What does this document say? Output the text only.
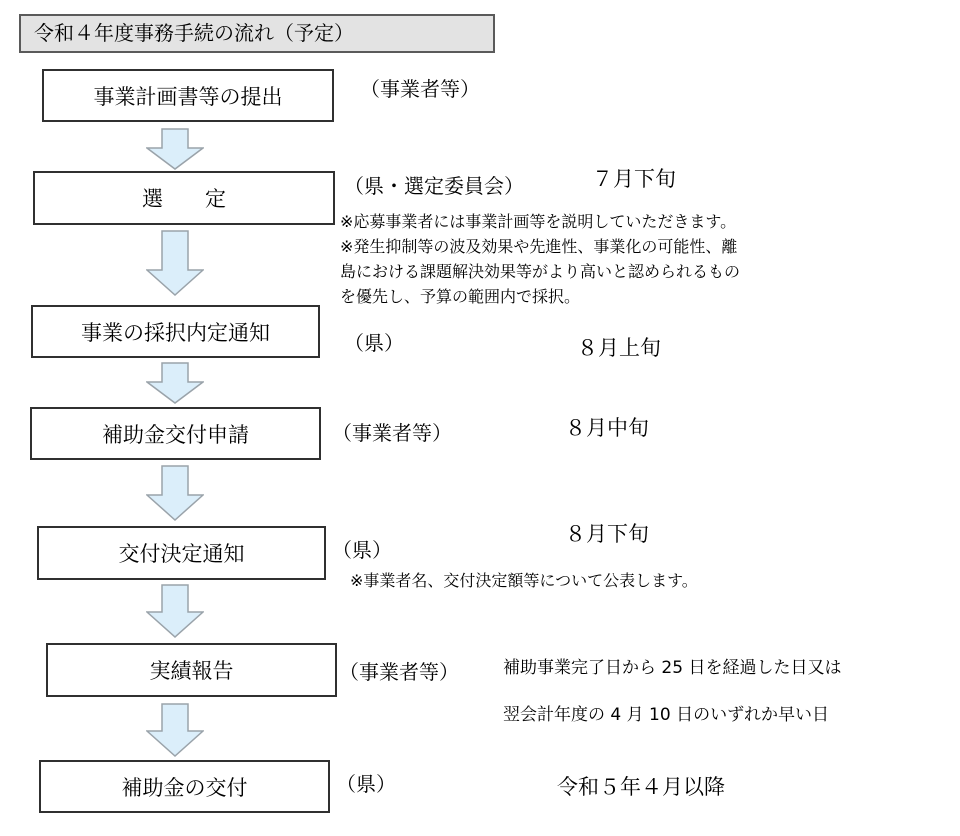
令和４年度事務手続の流れ（予定）
事業計画書等の提出
選　　定
事業の採択内定通知
補助金交付申請
交付決定通知
実績報告
補助金の交付
（事業者等）
（県・選定委員会）
（県）
（事業者等）
（県）
（事業者等）
（県）
７月下旬
８月上旬
８月中旬
８月下旬
令和５年４月以降
※応募事業者には事業計画等を説明していただきます。
※発生抑制等の波及効果や先進性、事業化の可能性、離
島における課題解決効果等がより高いと認められるもの
を優先し、予算の範囲内で採択。
※事業者名、交付決定額等について公表します。
補助事業完了日から 25 日を経過した日又は
翌会計年度の 4 月 10 日のいずれか早い日
